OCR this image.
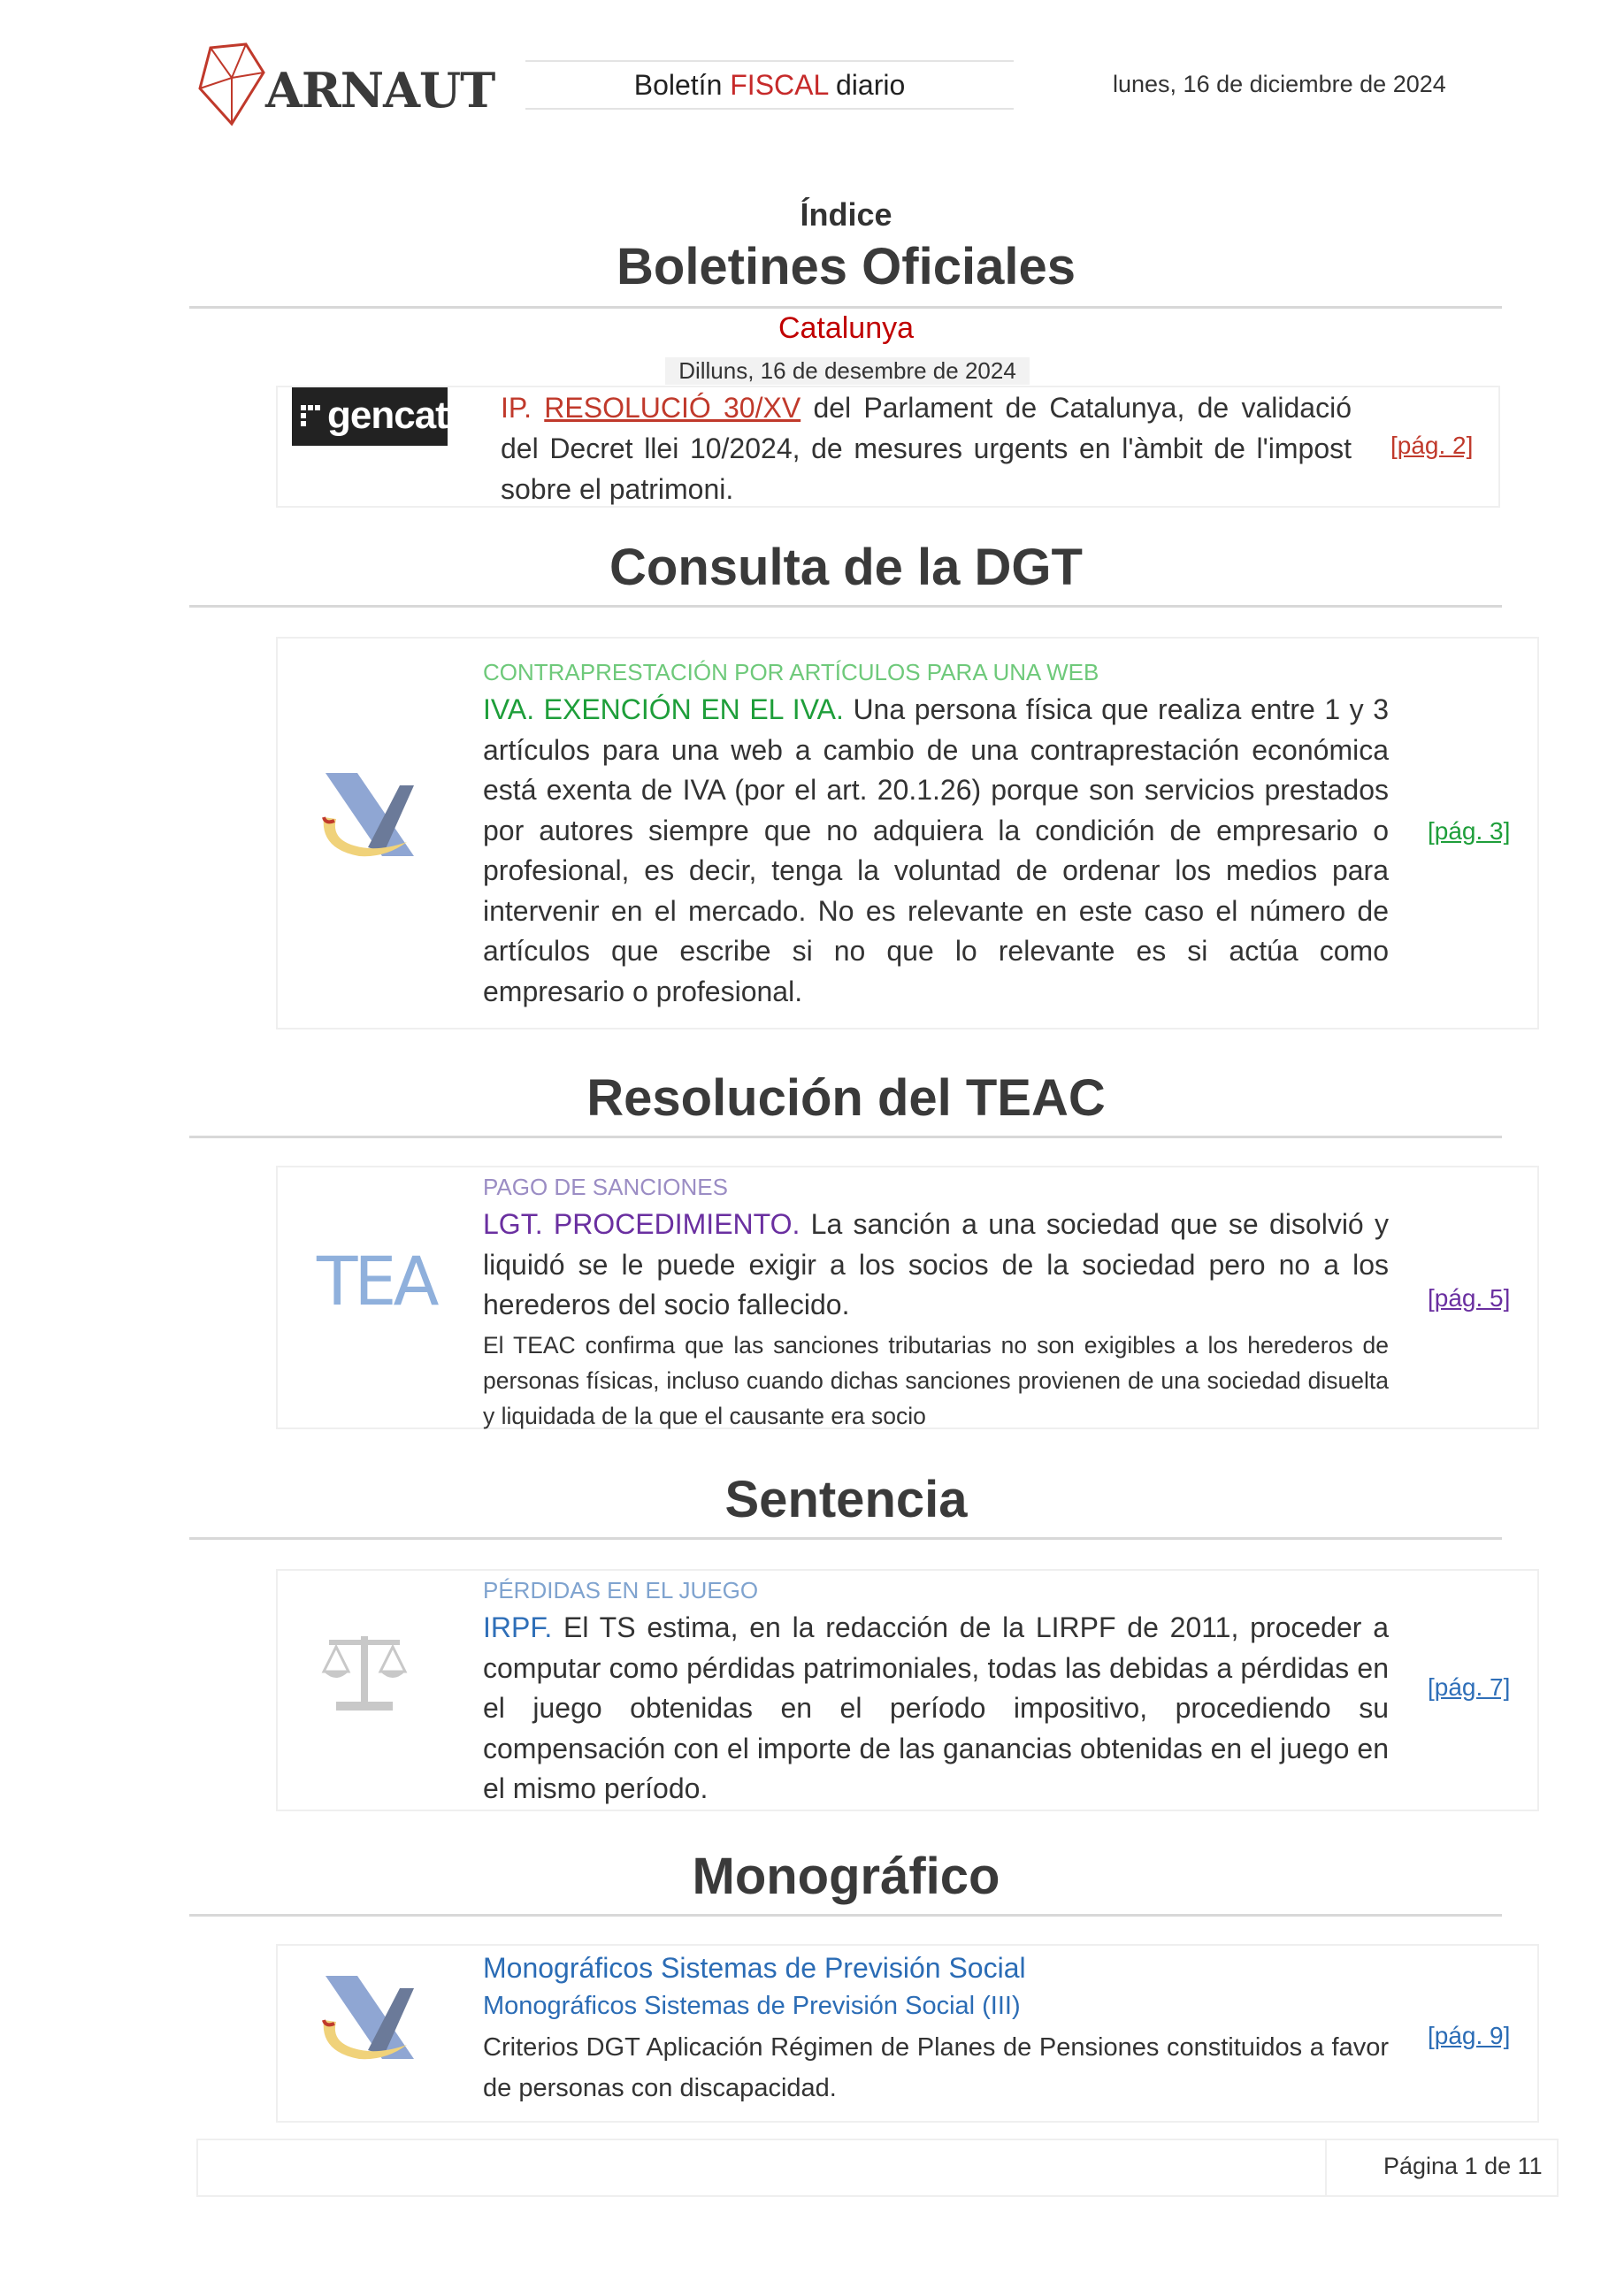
ARNAUT	Boletín FISCAL diario	lunes, 16 de diciembre de 2024
Índice
Boletines Oficiales
Catalunya
Dilluns, 16 de desembre de 2024
gencat IP. RESOLUCIÓ 30/XV del Parlament de Catalunya, de validació del Decret llei 10/2024, de mesures urgents en l'àmbit de l'impost sobre el patrimoni.
[pág. 2]
Consulta de la DGT
CONTRAPRESTACIÓN POR ARTÍCULOS PARA UNA WEB
IVA. EXENCIÓN EN EL IVA. Una persona física que realiza entre 1 y 3 artículos para una web a cambio de una contraprestación económica está exenta de IVA (por el art. 20.1.26) porque son servicios prestados por autores siempre que no adquiera la condición de empresario o profesional, es decir, tenga la voluntad de ordenar los medios para intervenir en el mercado. No es relevante en este caso el número de artículos que escribe si no que lo relevante es si actúa como empresario o profesional.
[pág. 3]
Resolución del TEAC
TEA
PAGO DE SANCIONES
LGT. PROCEDIMIENTO. La sanción a una sociedad que se disolvió y liquidó se le puede exigir a los socios de la sociedad pero no a los herederos del socio fallecido.
El TEAC confirma que las sanciones tributarias no son exigibles a los herederos de personas físicas, incluso cuando dichas sanciones provienen de una sociedad disuelta y liquidada de la que el causante era socio
[pág. 5]
Sentencia
PÉRDIDAS EN EL JUEGO
IRPF. El TS estima, en la redacción de la LIRPF de 2011, proceder a computar como pérdidas patrimoniales, todas las debidas a pérdidas en el juego obtenidas en el período impositivo, procediendo su compensación con el importe de las ganancias obtenidas en el juego en el mismo período.
[pág. 7]
Monográfico
Monográficos Sistemas de Previsión Social
Monográficos Sistemas de Previsión Social (III)
Criterios DGT Aplicación Régimen de Planes de Pensiones constituidos a favor de personas con discapacidad.
[pág. 9]
Página 1 de 11
